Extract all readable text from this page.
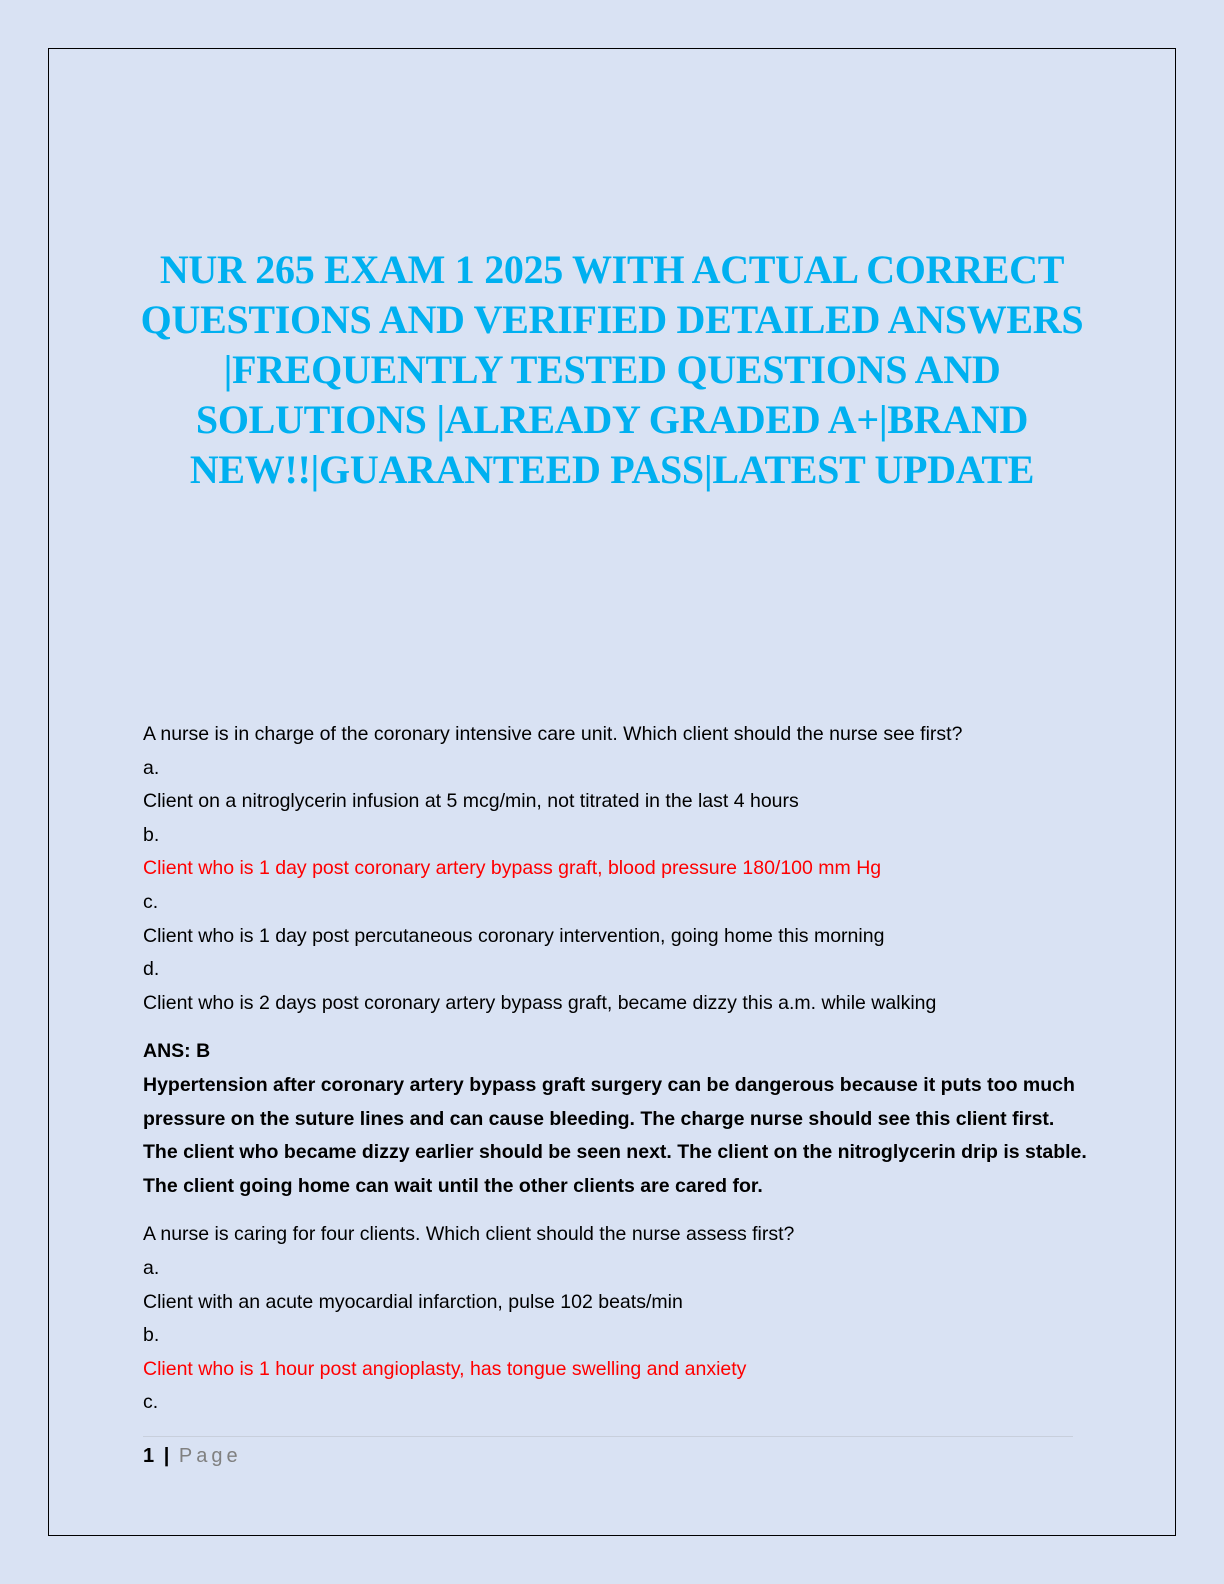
NUR 265 EXAM 1 2025 WITH ACTUAL CORRECT QUESTIONS AND VERIFIED DETAILED ANSWERS |FREQUENTLY TESTED QUESTIONS AND SOLUTIONS |ALREADY GRADED A+|BRAND NEW!!|GUARANTEED PASS|LATEST UPDATE

A nurse is in charge of the coronary intensive care unit. Which client should the nurse see first?

a.

Client on a nitroglycerin infusion at 5 mcg/min, not titrated in the last 4 hours

b.

Client who is 1 day post coronary artery bypass graft, blood pressure 180/100 mm Hg

c.

Client who is 1 day post percutaneous coronary intervention, going home this morning

d.

Client who is 2 days post coronary artery bypass graft, became dizzy this a.m. while walking

ANS: B

Hypertension after coronary artery bypass graft surgery can be dangerous because it puts too much pressure on the suture lines and can cause bleeding. The charge nurse should see this client first. The client who became dizzy earlier should be seen next. The client on the nitroglycerin drip is stable. The client going home can wait until the other clients are cared for.

A nurse is caring for four clients. Which client should the nurse assess first?

a.

Client with an acute myocardial infarction, pulse 102 beats/min

b.

Client who is 1 hour post angioplasty, has tongue swelling and anxiety

c.

1 | Page
